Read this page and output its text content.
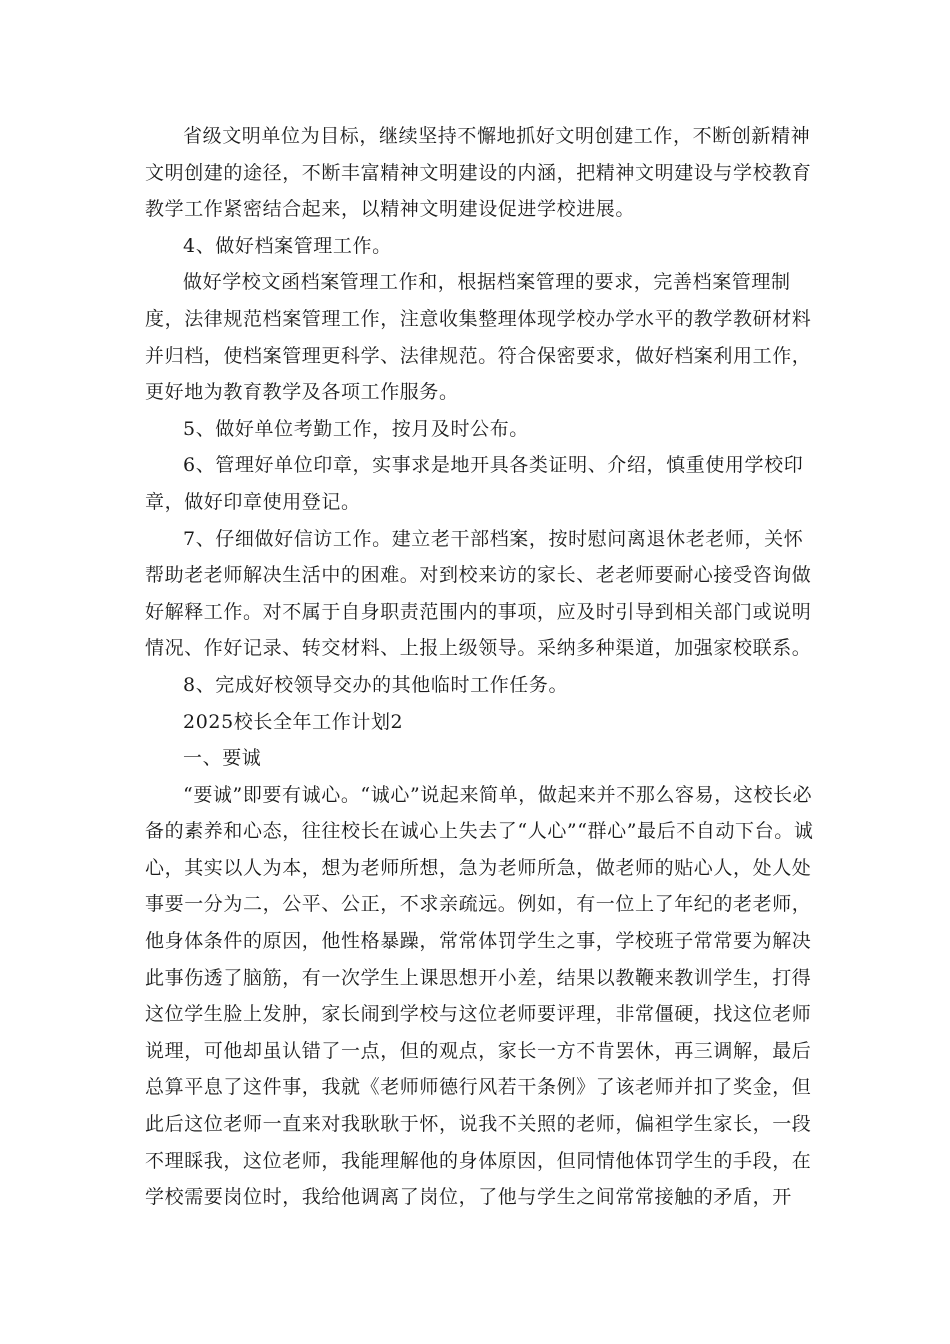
省级文明单位为目标，继续坚持不懈地抓好文明创建工作，不断创新精神文明创建的途径，不断丰富精神文明建设的内涵，把精神文明建设与学校教育教学工作紧密结合起来，以精神文明建设促进学校进展。

4、做好档案管理工作。

做好学校文函档案管理工作和，根据档案管理的要求，完善档案管理制度，法律规范档案管理工作，注意收集整理体现学校办学水平的教学教研材料并归档，使档案管理更科学、法律规范。符合保密要求，做好档案利用工作，更好地为教育教学及各项工作服务。

5、做好单位考勤工作，按月及时公布。

6、管理好单位印章，实事求是地开具各类证明、介绍，慎重使用学校印章，做好印章使用登记。

7、仔细做好信访工作。建立老干部档案，按时慰问离退休老老师，关怀帮助老老师解决生活中的困难。对到校来访的家长、老老师要耐心接受咨询做好解释工作。对不属于自身职责范围内的事项，应及时引导到相关部门或说明情况、作好记录、转交材料、上报上级领导。采纳多种渠道，加强家校联系。

8、完成好校领导交办的其他临时工作任务。

2025校长全年工作计划2

一、要诚

“要诚”即要有诚心。“诚心”说起来简单，做起来并不那么容易，这校长必备的素养和心态，往往校长在诚心上失去了“人心”“群心”最后不自动下台。诚心，其实以人为本，想为老师所想，急为老师所急，做老师的贴心人，处人处事要一分为二，公平、公正，不求亲疏远。例如，有一位上了年纪的老老师，他身体条件的原因，他性格暴躁，常常体罚学生之事，学校班子常常要为解决此事伤透了脑筋，有一次学生上课思想开小差，结果以教鞭来教训学生，打得这位学生脸上发肿，家长闹到学校与这位老师要评理，非常僵硬，找这位老师说理，可他却虽认错了一点，但的观点，家长一方不肯罢休，再三调解，最后总算平息了这件事，我就《老师师德行风若干条例》了该老师并扣了奖金，但此后这位老师一直来对我耿耿于怀，说我不关照的老师，偏袒学生家长，一段不理睬我，这位老师，我能理解他的身体原因，但同情他体罚学生的手段，在学校需要岗位时，我给他调离了岗位，了他与学生之间常常接触的矛盾，开
